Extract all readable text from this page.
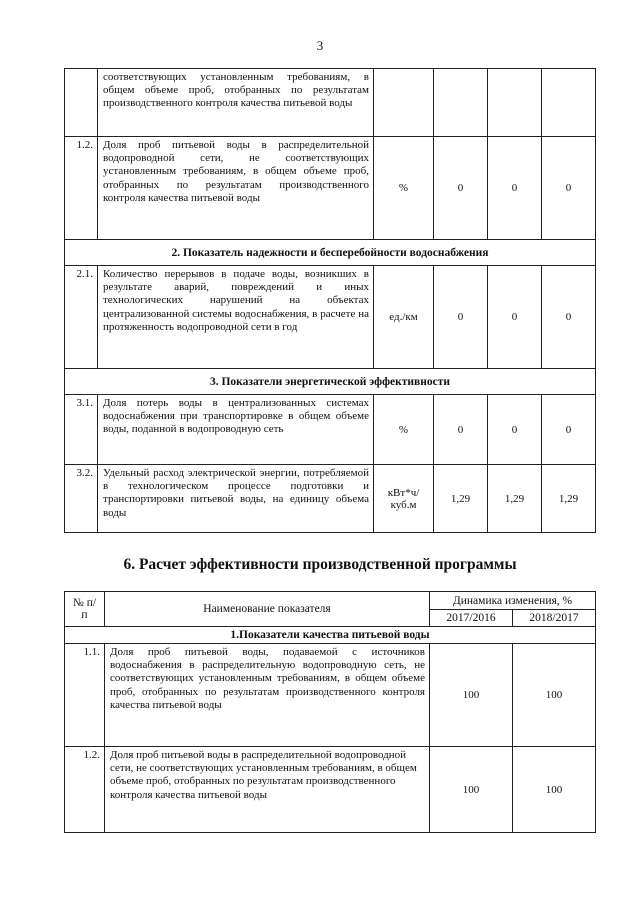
3
	соответствующих установленным требованиям, в общем объеме проб, отобранных по результатам производственного контроля качества питьевой воды				
1.2.	Доля проб питьевой воды в распределительной водопроводной сети, не соответствующих установленным требованиям, в общем объеме проб, отобранных по результатам производственного контроля качества питьевой воды	%	0	0	0
2. Показатель надежности и бесперебойности водоснабжения					
2.1.	Количество перерывов в подаче воды, возникших в результате аварий, повреждений и иных технологических нарушений на объектах централизованной системы водоснабжения, в расчете на протяженность водопроводной сети в год	ед./км	0	0	0
3. Показатели энергетической эффективности					
3.1.	Доля потерь воды в централизованных системах водоснабжения при транспортировке в общем объеме воды, поданной в водопроводную сеть	%	0	0	0
3.2.	Удельный расход электрической энергии, потребляемой в технологическом процессе подготовки и транспортировки питьевой воды, на единицу объема воды	кВт*ч/ куб.м	1,29	1,29	1,29
6. Расчет эффективности производственной программы
№ п/п	Наименование показателя	Динамика изменения, %	
		2017/2016	2018/2017
1.Показатели качества питьевой воды			
1.1.	Доля проб питьевой воды, подаваемой с источников водоснабжения в распределительную водопроводную сеть, не соответствующих установленным требованиям, в общем объеме проб, отобранных по результатам производственного контроля качества питьевой воды	100	100
1.2.	Доля проб питьевой воды в распределительной водопроводной сети, не соответствующих установленным требованиям, в общем объеме проб, отобранных по результатам производственного контроля качества питьевой воды	100	100
